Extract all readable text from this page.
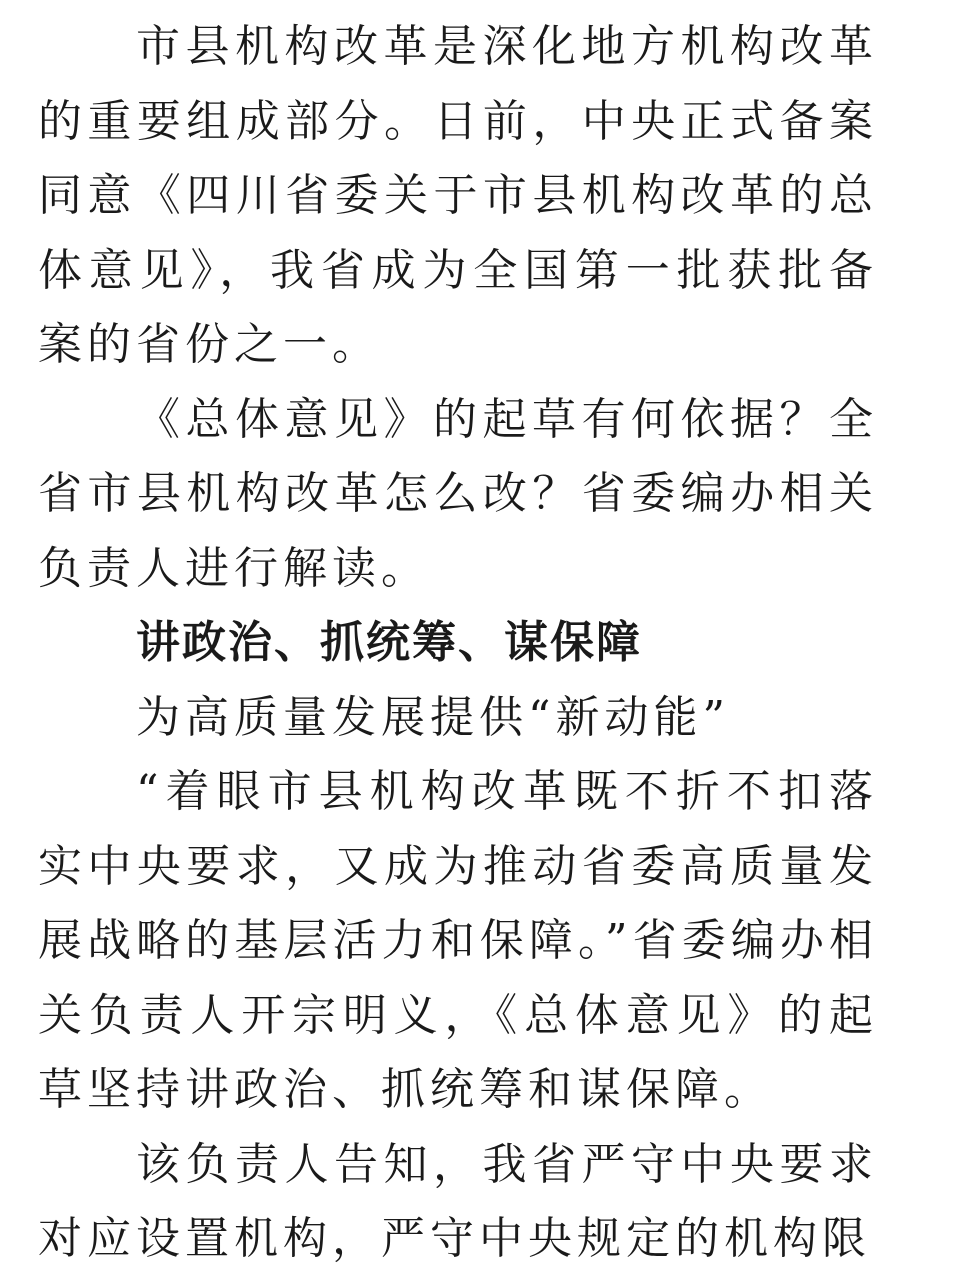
市县机构改革是深化地方机构改革的重要组成部分。日前，中央正式备案同意《四川省委关于市县机构改革的总体意见》，我省成为全国第一批获批备案的省份之一。

《总体意见》的起草有何依据？全省市县机构改革怎么改？省委编办相关负责人进行解读。

讲政治、抓统筹、谋保障

为高质量发展提供“新动能”

“着眼市县机构改革既不折不扣落实中央要求，又成为推动省委高质量发展战略的基层活力和保障。”省委编办相关负责人开宗明义，《总体意见》的起草坚持讲政治、抓统筹和谋保障。

该负责人告知，我省严守中央要求对应设置机构，严守中央规定的机构限
